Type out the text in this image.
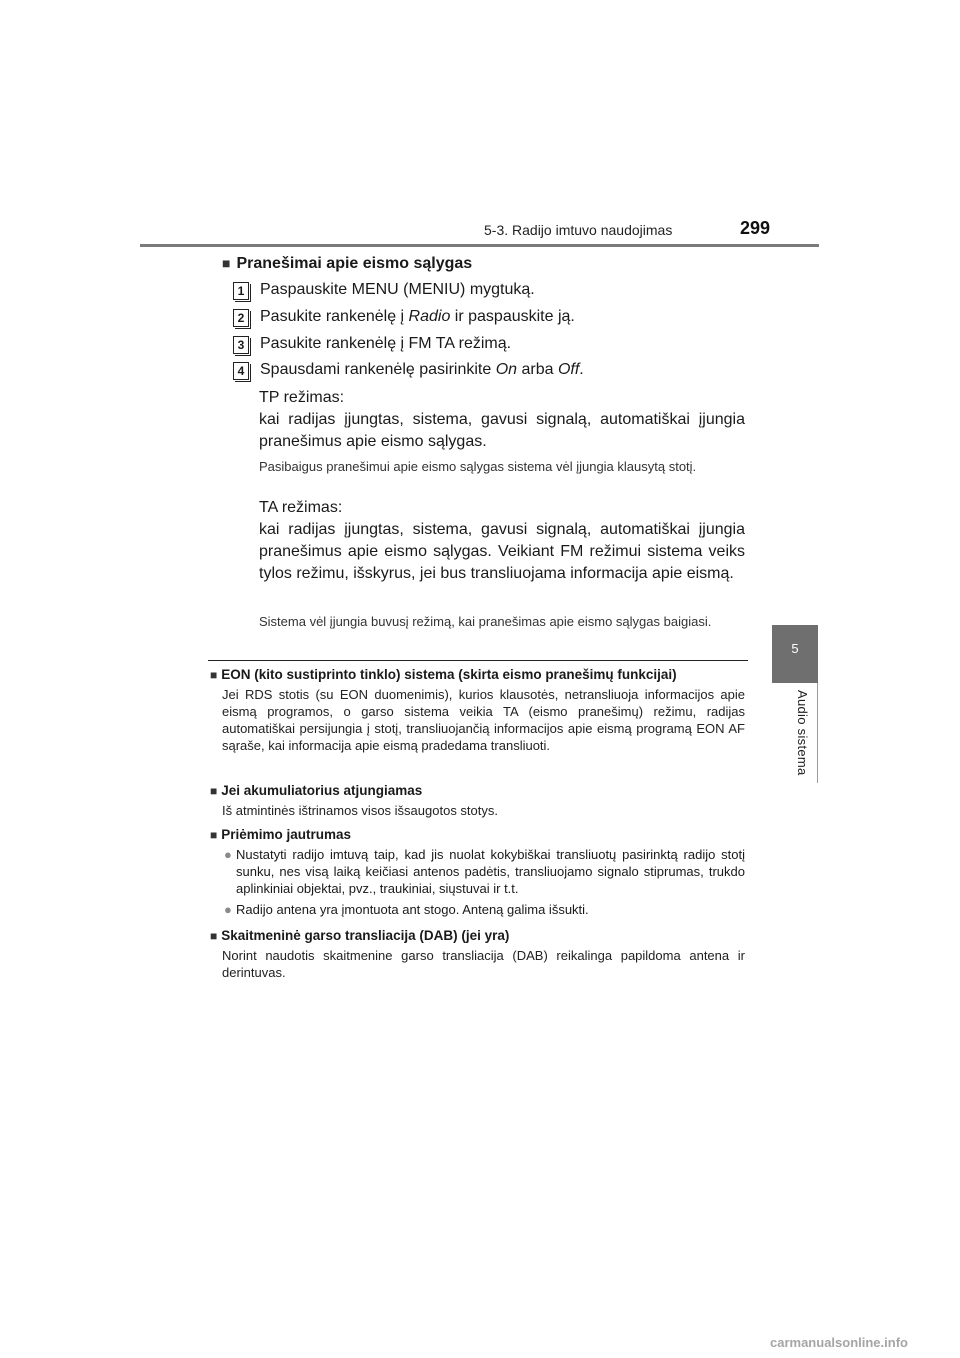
5-3. Radijo imtuvo naudojimas	299
5
Audio sistema
■ Pranešimai apie eismo sąlygas
1 Paspauskite MENU (MENIU) mygtuką.
2 Pasukite rankenėlę į Radio ir paspauskite ją.
3 Pasukite rankenėlę į FM TA režimą.
4 Spausdami rankenėlę pasirinkite On arba Off.
TP režimas:
kai radijas įjungtas, sistema, gavusi signalą, automatiškai įjungia pranešimus apie eismo sąlygas.
Pasibaigus pranešimui apie eismo sąlygas sistema vėl įjungia klausytą stotį.
TA režimas:
kai radijas įjungtas, sistema, gavusi signalą, automatiškai įjungia pranešimus apie eismo sąlygas. Veikiant FM režimui sistema veiks tylos režimu, išskyrus, jei bus transliuojama informacija apie eismą.
Sistema vėl įjungia buvusį režimą, kai pranešimas apie eismo sąlygas baigiasi.
■ EON (kito sustiprinto tinklo) sistema (skirta eismo pranešimų funkcijai)
Jei RDS stotis (su EON duomenimis), kurios klausotės, netransliuoja informacijos apie eismą programos, o garso sistema veikia TA (eismo pranešimų) režimu, radijas automatiškai persijungia į stotį, transliuojančią informacijos apie eismą programą EON AF sąraše, kai informacija apie eismą pradedama transliuoti.
■ Jei akumuliatorius atjungiamas
Iš atmintinės ištrinamos visos išsaugotos stotys.
■ Priėmimo jautrumas
● Nustatyti radijo imtuvą taip, kad jis nuolat kokybiškai transliuotų pasirinktą radijo stotį sunku, nes visą laiką keičiasi antenos padėtis, transliuojamo signalo stiprumas, trukdo aplinkiniai objektai, pvz., traukiniai, siųstuvai ir t.t.
● Radijo antena yra įmontuota ant stogo. Anteną galima išsukti.
■ Skaitmeninė garso transliacija (DAB) (jei yra)
Norint naudotis skaitmenine garso transliacija (DAB) reikalinga papildoma antena ir derintuvas.
carmanualsonline.info
